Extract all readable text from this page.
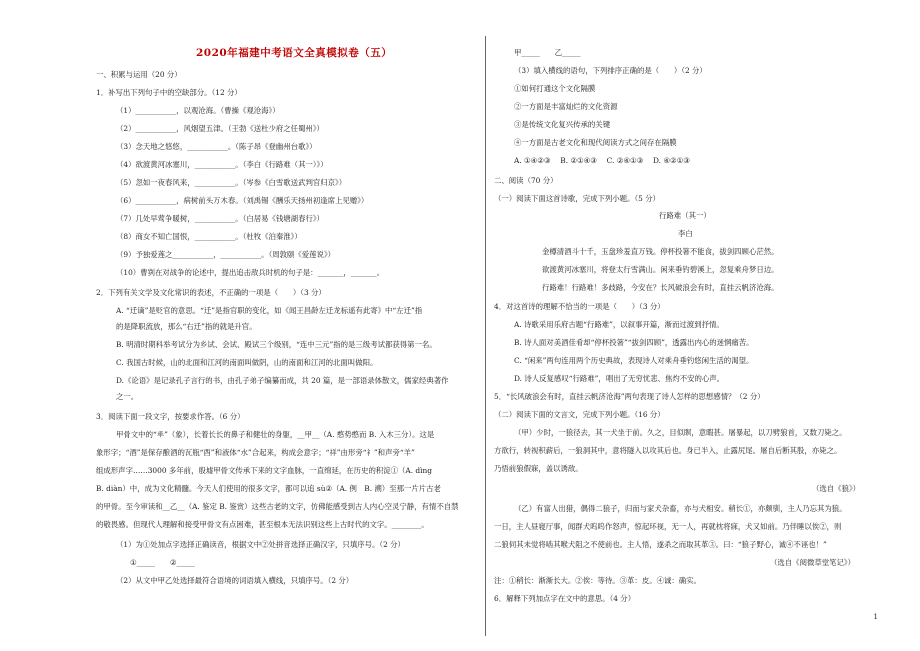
2020年福建中考语文全真模拟卷（五）
一、积累与运用（20 分）
1．补写出下列句子中的空缺部分。（12 分）
（1）___________，以观沧海。（曹操《观沧海》）
（2）___________，风烟望五津。（王勃《送杜少府之任蜀州》）
（3）念天地之悠悠，___________。（陈子昂《登幽州台歌》）
（4）欲渡黄河冰塞川，___________。（李白《行路难（其一）》）
（5）忽如一夜春风来，___________。（岑参《白雪歌送武判官归京》）
（6）___________，病树前头万木春。（刘禹锡《酬乐天扬州初逢席上见赠》）
（7）几处早莺争暖树，___________。（白居易《钱塘湖春行》）
（8）商女不知亡国恨，___________。（杜牧《泊秦淮》）
（9）予独爱莲之___________，___________。（周敦颐《爱莲说》）
（10）曹刿在对战争的论述中，提出追击敌兵时机的句子是：_______，_______。
2．下列有关文学及文化常识的表述，不正确的一项是（　　）（3 分）
A. “迁谪”是贬官的意思。“迁”是指官职的变化，如《闻王昌龄左迁龙标遥有此寄》中“左迁”指
的是降职流放，那么“右迁”指的就是升官。
B. 明清时期科举考试分为乡试、会试、殿试三个级别，“连中三元”指的是三级考试都获得第一名。
C. 我国古时候，山的北面和江河的南面叫做阴，山的南面和江河的北面叫做阳。
D.《论语》是记录孔子言行的书，由孔子弟子编纂而成，共 20 篇，是一部语录体散文，儒家经典著作
之一。
3．阅读下面一段文字，按要求作答。（6 分）
甲骨文中的“𠦬”（象），长着长长的鼻子和健壮的身躯，__甲__（A. 憨势憨而 B. 入木三分）。这是
象形字；“酒”是保存酿酒的瓦瓶“酉”和液体“水”合起来，构成会意字；“祥”由形旁“礻”和声旁“羊”
组成形声字……3000 多年前，殷墟甲骨文传承下来的文字血脉，一直绵延，在历史的积淀①（A. dìng
B. diàn）中，成为文化精髓。今天人们使用的很多文字，都可以追 sù②（A. 例　B. 溯）至那一片片古老
的甲骨。至今审读和__乙__（A. 鉴定 B. 鉴赏）这些古老的文字，仿佛能感受到古人内心空灵宁静，有情不自禁
的敬畏感。但现代人理解和接受甲骨文有点困难，甚至根本无法识别这些上古时代的文字。________。
（1）为①处加点字选择正确读音，根据文中②处拼音选择正确汉字，只填序号。（2 分）
①_____　　②_____
（2）从文中甲乙处选择最符合语境的词语填入横线，只填序号。（2 分）
甲_____　　乙_____
（3）填入横线的语句，下列排序正确的是（　　）（2 分）
①如何打通这个文化隔膜
②一方面是丰富灿烂的文化资源
③是传统文化复兴传承的关键
④一方面是古老文化和现代阅读方式之间存在隔膜
A. ①④②③　 B. ②①④③　 C. ②④①③　 D. ④②①③
二、阅读（70 分）
（一）阅读下面这首诗歌，完成下列小题。（5 分）
行路难（其一）
李白
金樽清酒斗十千，玉盘珍羞直万钱。停杯投箸不能食，拔剑四顾心茫然。
欲渡黄河冰塞川，将登太行雪满山。闲来垂钓碧溪上，忽复乘舟梦日边。
行路难！行路难！多歧路，今安在？长风破浪会有时，直挂云帆济沧海。
4．对这首诗的理解不恰当的一项是（　　）（3 分）
A. 诗歌采用乐府古题“行路难”，以叙事开篇，渐而过渡到抒情。
B. 诗人面对美酒佳肴却“停杯投箸”“拔剑四顾”，透露出内心的迷惘痛苦。
C. “闲来”两句连用两个历史典故，表现诗人对乘舟垂钓悠闲生活的渴望。
D. 诗人反复感叹“行路难”，唱出了无穷忧悲、焦灼不安的心声。
5．“长风破浪会有时，直挂云帆济沧海”两句表现了诗人怎样的思想感情？（2 分）
（二）阅读下面的文言文，完成下列小题。（16 分）
（甲）少时，一狼径去，其一犬坐于前。久之，目似瞑，意暇甚。屠暴起，以刀劈狼首，又数刀毙之。
方欲行，转视积薪后，一狼洞其中，意将隧入以攻其后也。身已半入，止露尻尾。屠自后断其股，亦毙之。
乃悟前狼假寐，盖以诱敌。
（选自《狼》）
（乙）有富人出猎，偶得二狼子，归而与家犬杂畜，亦与犬相安。稍长①，亦颇驯，主人乃忘其为狼。
一日，主人昼寝厅事，闻群犬呜呜作怒声，惊起环视，无一人，再就枕将寐，犬又如前。乃伴睡以俟②，则
二狼伺其未觉将啮其喉犬阻之不使前也。主人悟，遂杀之而取其革③。曰：“狼子野心，诚④不诬也！”
（选自《阅微草堂笔记》）
注：①稍长：渐渐长大。②俟：等待。③革：皮。④诚：确实。
6．解释下列加点字在文中的意思。（4 分）
1
